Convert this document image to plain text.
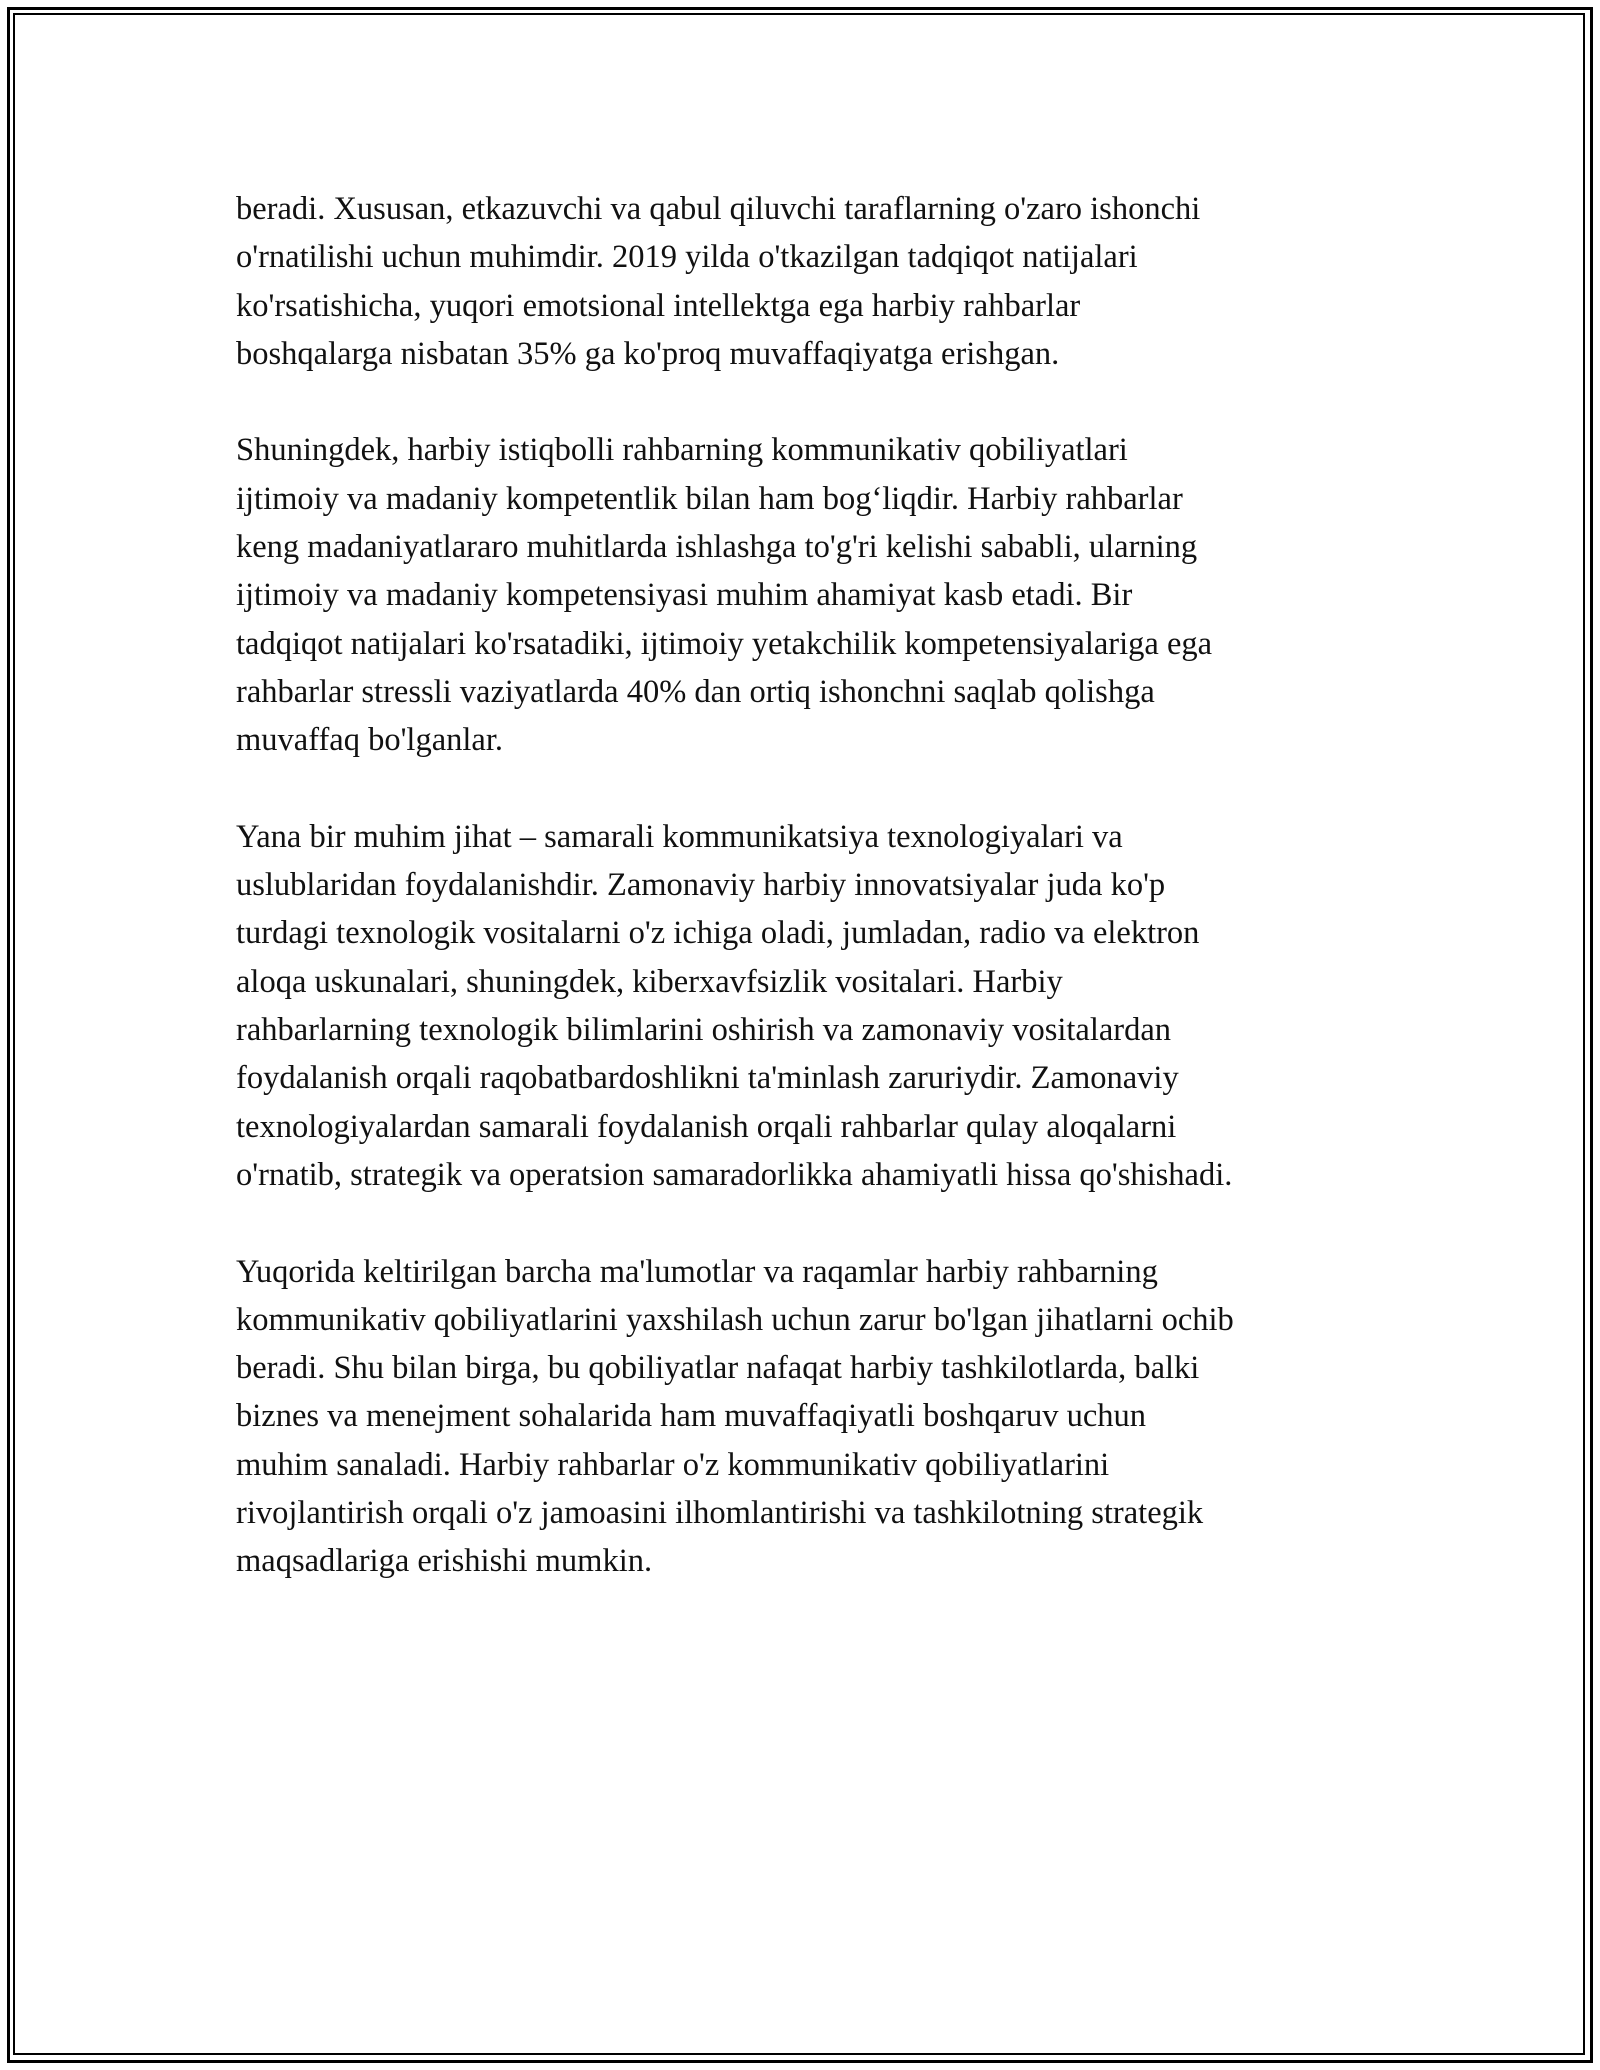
beradi. Xususan, etkazuvchi va qabul qiluvchi taraflarning o'zaro ishonchi
o'rnatilishi uchun muhimdir. 2019 yilda o'tkazilgan tadqiqot natijalari
ko'rsatishicha, yuqori emotsional intellektga ega harbiy rahbarlar
boshqalarga nisbatan 35% ga ko'proq muvaffaqiyatga erishgan.

Shuningdek, harbiy istiqbolli rahbarning kommunikativ qobiliyatlari
ijtimoiy va madaniy kompetentlik bilan ham bog‘liqdir. Harbiy rahbarlar
keng madaniyatlararo muhitlarda ishlashga to'g'ri kelishi sababli, ularning
ijtimoiy va madaniy kompetensiyasi muhim ahamiyat kasb etadi. Bir
tadqiqot natijalari ko'rsatadiki, ijtimoiy yetakchilik kompetensiyalariga ega
rahbarlar stressli vaziyatlarda 40% dan ortiq ishonchni saqlab qolishga
muvaffaq bo'lganlar.

Yana bir muhim jihat – samarali kommunikatsiya texnologiyalari va
uslublaridan foydalanishdir. Zamonaviy harbiy innovatsiyalar juda ko'p
turdagi texnologik vositalarni o'z ichiga oladi, jumladan, radio va elektron
aloqa uskunalari, shuningdek, kiberxavfsizlik vositalari. Harbiy
rahbarlarning texnologik bilimlarini oshirish va zamonaviy vositalardan
foydalanish orqali raqobatbardoshlikni ta'minlash zaruriydir. Zamonaviy
texnologiyalardan samarali foydalanish orqali rahbarlar qulay aloqalarni
o'rnatib, strategik va operatsion samaradorlikka ahamiyatli hissa qo'shishadi.

Yuqorida keltirilgan barcha ma'lumotlar va raqamlar harbiy rahbarning
kommunikativ qobiliyatlarini yaxshilash uchun zarur bo'lgan jihatlarni ochib
beradi. Shu bilan birga, bu qobiliyatlar nafaqat harbiy tashkilotlarda, balki
biznes va menejment sohalarida ham muvaffaqiyatli boshqaruv uchun
muhim sanaladi. Harbiy rahbarlar o'z kommunikativ qobiliyatlarini
rivojlantirish orqali o'z jamoasini ilhomlantirishi va tashkilotning strategik
maqsadlariga erishishi mumkin.
